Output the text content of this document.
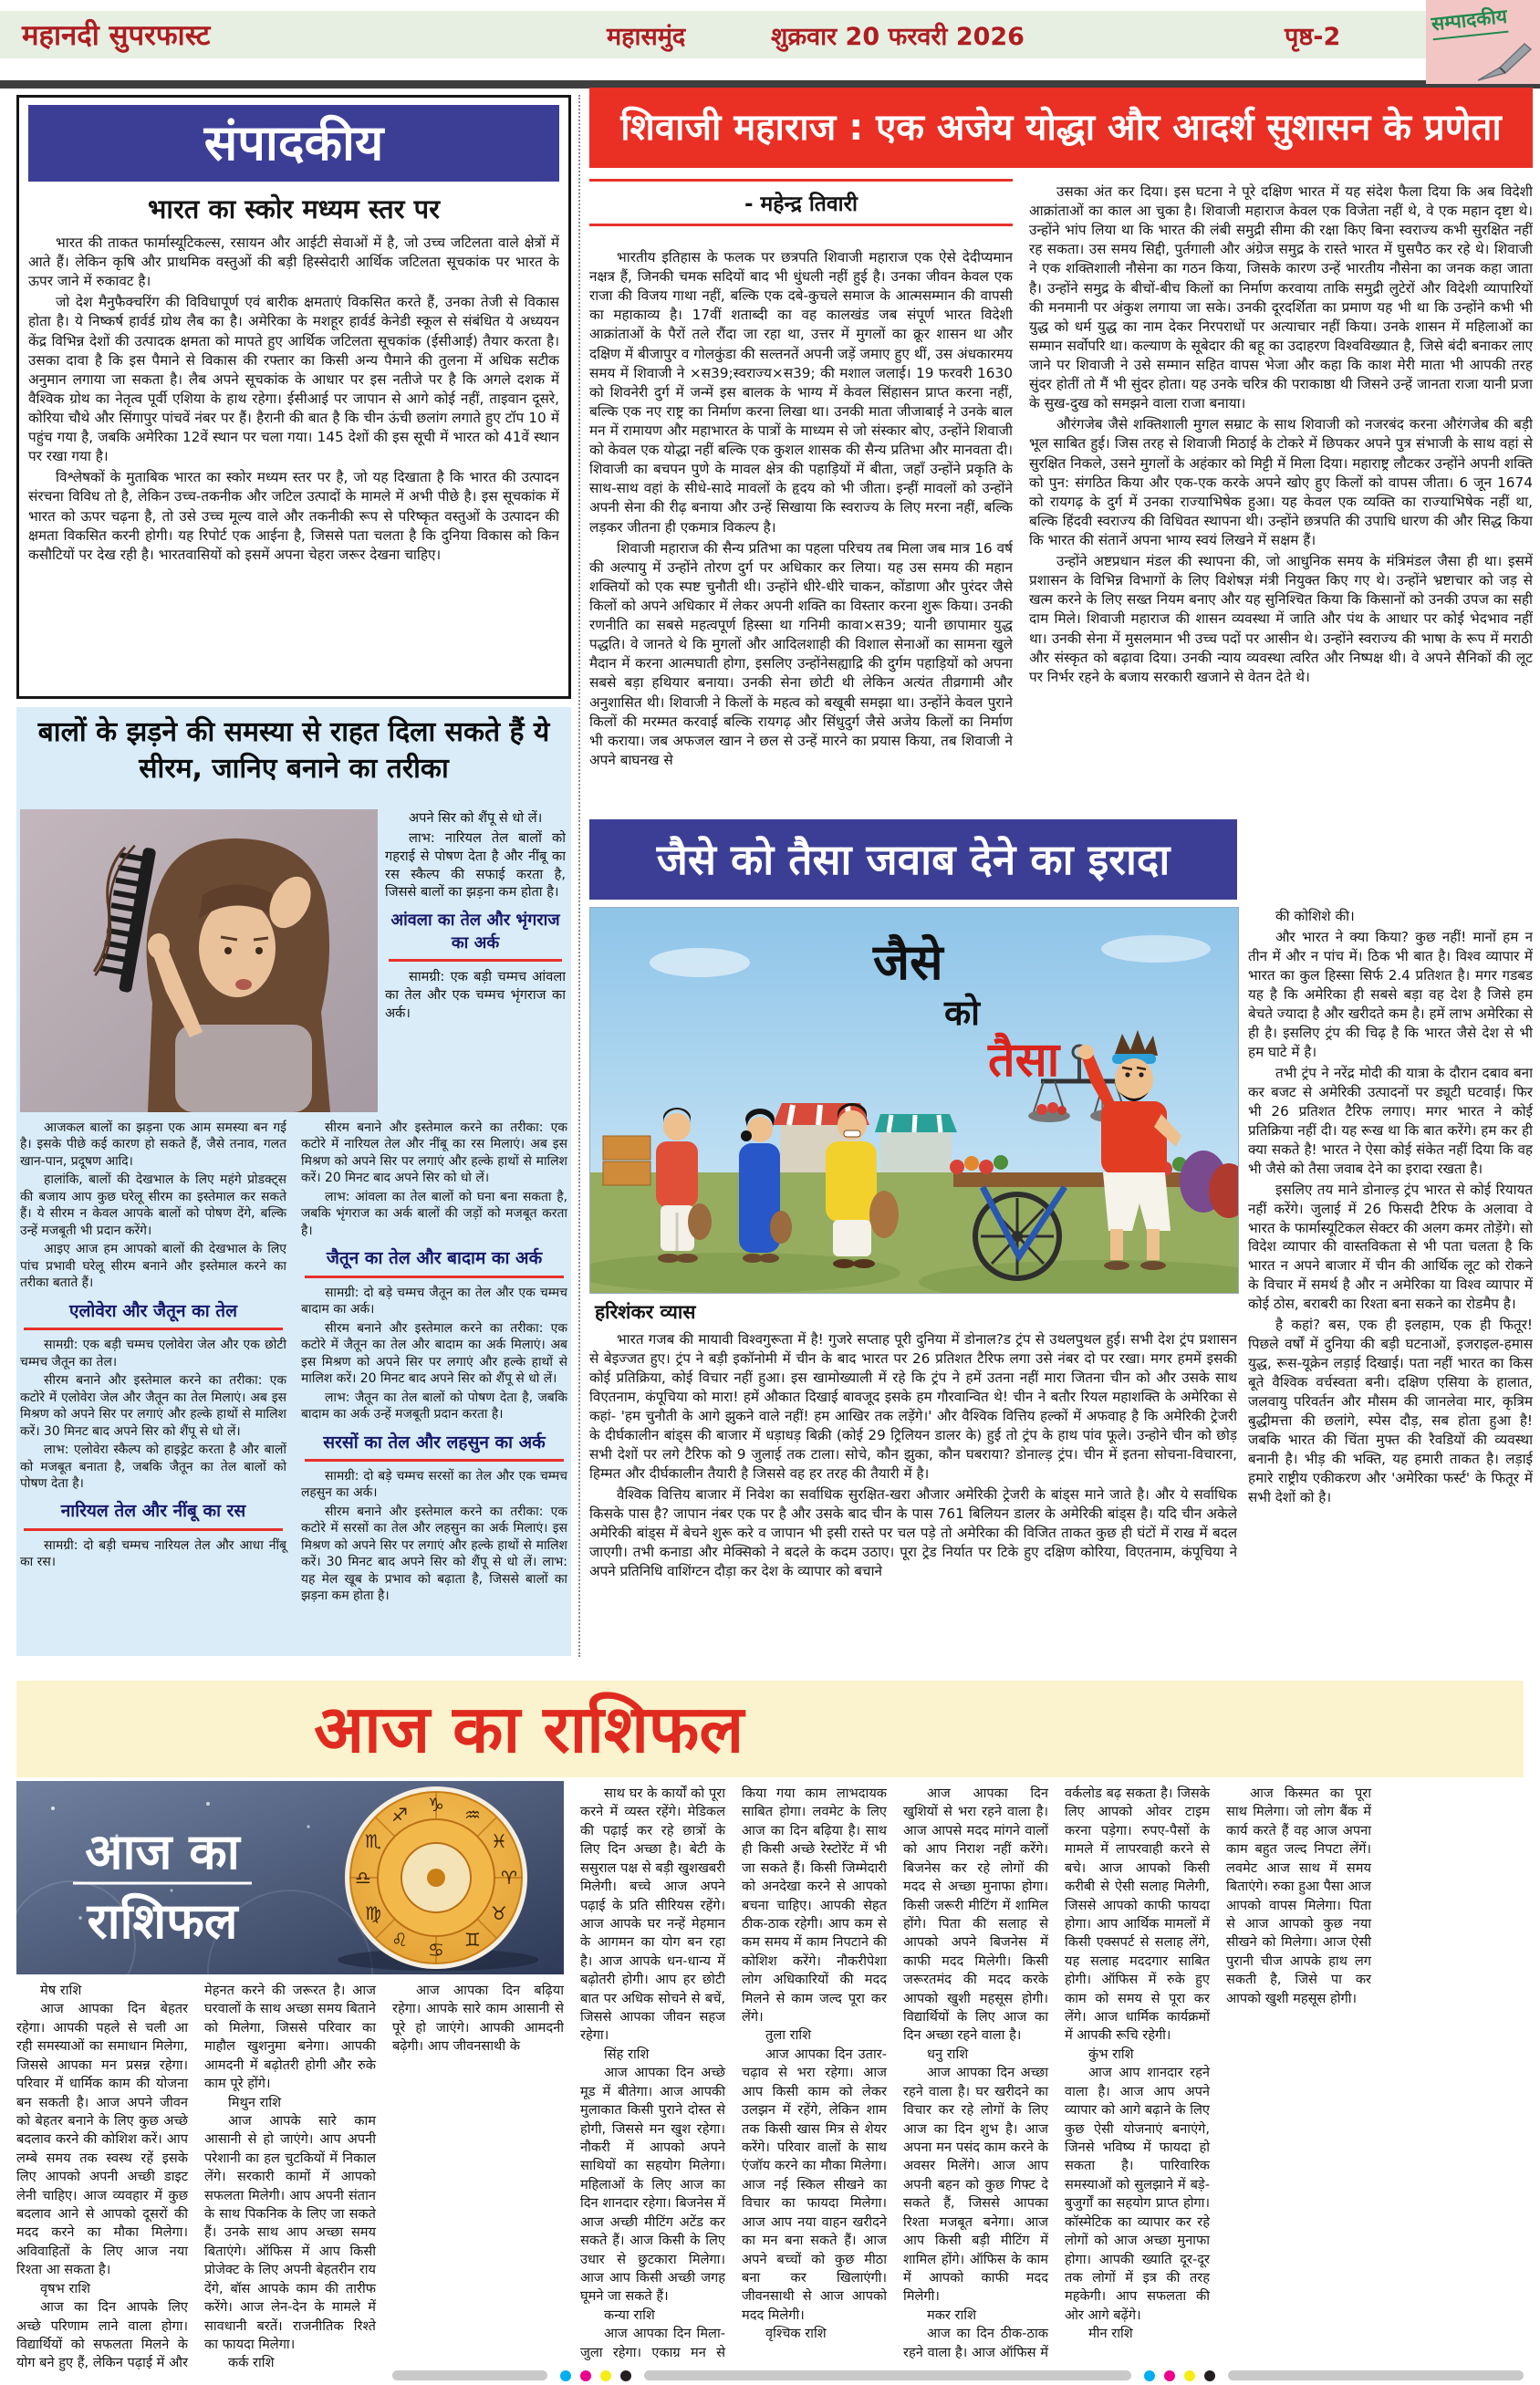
महानदी सुपरफास्ट	महासमुंद	शुक्रवार 20 फरवरी 2026	पृष्ठ-2
सम्पादकीय
संपादकीय
भारत का स्कोर मध्यम स्तर पर

भारत की ताकत फार्मास्यूटिकल्स, रसायन और आईटी सेवाओं में है, जो उच्च जटिलता वाले क्षेत्रों में आते हैं। लेकिन कृषि और प्राथमिक वस्तुओं की बड़ी हिस्सेदारी आर्थिक जटिलता सूचकांक पर भारत के ऊपर जाने में रुकावट है।

जो देश मैनुफैक्चरिंग की विविधापूर्ण एवं बारीक क्षमताएं विकसित करते हैं, उनका तेजी से विकास होता है। ये निष्कर्ष हार्वर्ड ग्रोथ लैब का है। अमेरिका के मशहूर हार्वर्ड केनेडी स्कूल से संबंधित ये अध्ययन केंद्र विभिन्न देशों की उत्पादक क्षमता को मापते हुए आर्थिक जटिलता सूचकांक (ईसीआई) तैयार करता है। उसका दावा है कि इस पैमाने से विकास की रफ्तार का किसी अन्य पैमाने की तुलना में अधिक सटीक अनुमान लगाया जा सकता है। लैब अपने सूचकांक के आधार पर इस नतीजे पर है कि अगले दशक में वैश्विक ग्रोथ का नेतृत्व पूर्वी एशिया के हाथ रहेगा। ईसीआई पर जापान से आगे कोई नहीं, ताइवान दूसरे, कोरिया चौथे और सिंगापुर पांचवें नंबर पर हैं। हैरानी की बात है कि चीन ऊंची छलांग लगाते हुए टॉप 10 में पहुंच गया है, जबकि अमेरिका 12वें स्थान पर चला गया। 145 देशों की इस सूची में भारत को 41वें स्थान पर रखा गया है।

विश्लेषकों के मुताबिक भारत का स्कोर मध्यम स्तर पर है, जो यह दिखाता है कि भारत की उत्पादन संरचना विविध तो है, लेकिन उच्च-तकनीक और जटिल उत्पादों के मामले में अभी पीछे है। इस सूचकांक में भारत को ऊपर चढ़ना है, तो उसे उच्च मूल्य वाले और तकनीकी रूप से परिष्कृत वस्तुओं के उत्पादन की क्षमता विकसित करनी होगी। यह रिपोर्ट एक आईना है, जिससे पता चलता है कि दुनिया विकास को किन कसौटियों पर देख रही है। भारतवासियों को इसमें अपना चेहरा जरूर देखना चाहिए।

शिवाजी महाराज : एक अजेय योद्धा और आदर्श सुशासन के प्रणेता
- महेन्द्र तिवारी

भारतीय इतिहास के फलक पर छत्रपति शिवाजी महाराज एक ऐसे देदीप्यमान नक्षत्र हैं, जिनकी चमक सदियों बाद भी धुंधली नहीं हुई है। उनका जीवन केवल एक राजा की विजय गाथा नहीं, बल्कि एक दबे-कुचले समाज के आत्मसम्मान की वापसी का महाकाव्य है। 17वीं शताब्दी का वह कालखंड जब संपूर्ण भारत विदेशी आक्रांताओं के पैरों तले रौंदा जा रहा था, उत्तर में मुगलों का क्रूर शासन था और दक्षिण में बीजापुर व गोलकुंडा की सल्तनतें अपनी जड़ें जमाए हुए थीं, उस अंधकारमय समय में शिवाजी ने ×स39;स्वराज्य×स39; की मशाल जलाई। 19 फरवरी 1630 को शिवनेरी दुर्ग में जन्में इस बालक के भाग्य में केवल सिंहासन प्राप्त करना नहीं, बल्कि एक नए राष्ट्र का निर्माण करना लिखा था। उनकी माता जीजाबाई ने उनके बाल मन में रामायण और महाभारत के पात्रों के माध्यम से जो संस्कार बोए, उन्होंने शिवाजी को केवल एक योद्धा नहीं बल्कि एक कुशल शासक की सैन्य प्रतिभा और मानवता दी। शिवाजी का बचपन पुणे के मावल क्षेत्र की पहाड़ियों में बीता, जहाँ उन्होंने प्रकृति के साथ-साथ वहां के सीधे-सादे मावलों के हृदय को भी जीता। इन्हीं मावलों को उन्होंने अपनी सेना की रीढ़ बनाया और उन्हें सिखाया कि स्वराज्य के लिए मरना नहीं, बल्कि लड़कर जीतना ही एकमात्र विकल्प है।

शिवाजी महाराज की सैन्य प्रतिभा का पहला परिचय तब मिला जब मात्र 16 वर्ष की अल्पायु में उन्होंने तोरण दुर्ग पर अधिकार कर लिया। यह उस समय की महान शक्तियों को एक स्पष्ट चुनौती थी। उन्होंने धीरे-धीरे चाकन, कोंडाणा और पुरंदर जैसे किलों को अपने अधिकार में लेकर अपनी शक्ति का विस्तार करना शुरू किया। उनकी रणनीति का सबसे महत्वपूर्ण हिस्सा था गनिमी कावा×स39; यानी छापामार युद्ध पद्धति। वे जानते थे कि मुगलों और आदिलशाही की विशाल सेनाओं का सामना खुले मैदान में करना आत्मघाती होगा, इसलिए उन्होंनेसह्याद्रि की दुर्गम पहाड़ियों को अपना सबसे बड़ा हथियार बनाया। उनकी सेना छोटी थी लेकिन अत्यंत तीव्रगामी और अनुशासित थी। शिवाजी ने किलों के महत्व को बखूबी समझा था। उन्होंने केवल पुराने किलों की मरम्मत करवाई बल्कि रायगढ़ और सिंधुदुर्ग जैसे अजेय किलों का निर्माण भी कराया। जब अफजल खान ने छल से उन्हें मारने का प्रयास किया, तब शिवाजी ने अपने बाघनख से

उसका अंत कर दिया। इस घटना ने पूरे दक्षिण भारत में यह संदेश फैला दिया कि अब विदेशी आक्रांताओं का काल आ चुका है। शिवाजी महाराज केवल एक विजेता नहीं थे, वे एक महान दृष्टा थे। उन्होंने भांप लिया था कि भारत की लंबी समुद्री सीमा की रक्षा किए बिना स्वराज्य कभी सुरक्षित नहीं रह सकता। उस समय सिद्दी, पुर्तगाली और अंग्रेज समुद्र के रास्ते भारत में घुसपैठ कर रहे थे। शिवाजी ने एक शक्तिशाली नौसेना का गठन किया, जिसके कारण उन्हें भारतीय नौसेना का जनक कहा जाता है। उन्होंने समुद्र के बीचों-बीच किलों का निर्माण करवाया ताकि समुद्री लुटेरों और विदेशी व्यापारियों की मनमानी पर अंकुश लगाया जा सके। उनकी दूरदर्शिता का प्रमाण यह भी था कि उन्होंने कभी भी युद्ध को धर्म युद्ध का नाम देकर निरपराधों पर अत्याचार नहीं किया। उनके शासन में महिलाओं का सम्मान सर्वोपरि था। कल्याण के सूबेदार की बहू का उदाहरण विश्वविख्यात है, जिसे बंदी बनाकर लाए जाने पर शिवाजी ने उसे सम्मान सहित वापस भेजा और कहा कि काश मेरी माता भी आपकी तरह सुंदर होतीं तो मैं भी सुंदर होता। यह उनके चरित्र की पराकाष्ठा थी जिसने उन्हें जानता राजा यानी प्रजा के सुख-दुख को समझने वाला राजा बनाया।

औरंगजेब जैसे शक्तिशाली मुगल सम्राट के साथ शिवाजी को नजरबंद करना औरंगजेब की बड़ी भूल साबित हुई। जिस तरह से शिवाजी मिठाई के टोकरे में छिपकर अपने पुत्र संभाजी के साथ वहां से सुरक्षित निकले, उसने मुगलों के अहंकार को मिट्टी में मिला दिया। महाराष्ट्र लौटकर उन्होंने अपनी शक्ति को पुन: संगठित किया और एक-एक करके अपने खोए हुए किलों को वापस जीता। 6 जून 1674 को रायगढ़ के दुर्ग में उनका राज्याभिषेक हुआ। यह केवल एक व्यक्ति का राज्याभिषेक नहीं था, बल्कि हिंदवी स्वराज्य की विधिवत स्थापना थी। उन्होंने छत्रपति की उपाधि धारण की और सिद्ध किया कि भारत की संतानें अपना भाग्य स्वयं लिखने में सक्षम हैं।

उन्होंने अष्टप्रधान मंडल की स्थापना की, जो आधुनिक समय के मंत्रिमंडल जैसा ही था। इसमें प्रशासन के विभिन्न विभागों के लिए विशेषज्ञ मंत्री नियुक्त किए गए थे। उन्होंने भ्रष्टाचार को जड़ से खत्म करने के लिए सख्त नियम बनाए और यह सुनिश्चित किया कि किसानों को उनकी उपज का सही दाम मिले। शिवाजी महाराज की शासन व्यवस्था में जाति और पंथ के आधार पर कोई भेदभाव नहीं था। उनकी सेना में मुसलमान भी उच्च पदों पर आसीन थे। उन्होंने स्वराज्य की भाषा के रूप में मराठी और संस्कृत को बढ़ावा दिया। उनकी न्याय व्यवस्था त्वरित और निष्पक्ष थी। वे अपने सैनिकों की लूट पर निर्भर रहने के बजाय सरकारी खजाने से वेतन देते थे।

जैसे को तैसा जवाब देने का इरादा
जैसे
को
तैसा
हरिशंकर व्यास

भारत गजब की मायावी विश्वगुरूता में है! गुजरे सप्ताह पूरी दुनिया में डोनाल?ड ट्रंप से उथलपुथल हुई। सभी देश ट्रंप प्रशासन से बेइज्जत हुए। ट्रंप ने बड़ी इकॉनोमी में चीन के बाद भारत पर 26 प्रतिशत टैरिफ लगा उसे नंबर दो पर रखा। मगर हममें इसकी कोई प्रतिक्रिया, कोई विचार नहीं हुआ। इस खामोख्याली में रहे कि ट्रंप ने हमें उतना नहीं मारा जितना चीन को और उसके साथ विएतनाम, कंपूचिया को मारा! हमें औकात दिखाई बावजूद इसके हम गौरवान्वित थे! चीन ने बतौर रियल महाशक्ति के अमेरिका से कहां- 'हम चुनौती के आगे झुकने वाले नहीं! हम आखिर तक लड़ेंगे।' और वैश्विक वित्तिय हल्कों में अफवाह है कि अमेरिकी ट्रेजरी के दीर्घकालीन बांड्स की बाजार में धड़ाधड़ बिक्री (कोई 29 ट्रिलियन डालर के) हुई तो ट्रंप के हाथ पांव फूले। उन्होने चीन को छोड़ सभी देशों पर लगे टैरिफ को 9 जुलाई तक टाला। सोचे, कौन झुका, कौन घबराया? डोनाल्ड़ ट्रंप। चीन में इतना सोचना-विचारना, हिम्मत और दीर्घकालीन तैयारी है जिससे वह हर तरह की तैयारी में है।

वैश्विक वित्तिय बाजार में निवेश का सर्वाधिक सुरक्षित-खरा औजार अमेरिकी ट्रेजरी के बांड्स माने जाते है। और ये सर्वाधिक किसके पास है? जापान नंबर एक पर है और उसके बाद चीन के पास 761 बिलियन डालर के अमेरिकी बांड्स है। यदि चीन अकेले अमेरिकी बांड्स में बेचने शुरू करे व जापान भी इसी रास्ते पर चल पड़े तो अमेरिका की विजित ताकत कुछ ही घंटों में राख में बदल जाएगी। तभी कनाडा और मेक्सिको ने बदले के कदम उठाए। पूरा ट्रेड निर्यात पर टिके हुए दक्षिण कोरिया, विएतनाम, कंपूचिया ने अपने प्रतिनिधि वाशिंग्टन दौड़ा कर देश के व्यापार को बचाने

की कोशिशे की।

और भारत ने क्या किया? कुछ नहीं! मानों हम न तीन में और न पांच में। ठिक भी बात है। विश्व व्यापार में भारत का कुल हिस्सा सिर्फ 2.4 प्रतिशत है। मगर गडबड यह है कि अमेरिका ही सबसे बड़ा वह देश है जिसे हम बेचते ज्यादा है और खरीदते कम है। हमें लाभ अमेरिका से ही है। इसलिए ट्रंप की चिढ़ है कि भारत जैसे देश से भी हम घाटे में है।

तभी ट्रंप ने नरेंद्र मोदी की यात्रा के दौरान दबाव बना कर बजट से अमेरिकी उत्पादनों पर ड्यूटी घटवाई। फिर भी 26 प्रतिशत टैरिफ लगाए। मगर भारत ने कोई प्रतिक्रिया नहीं दी। यह रूख था कि बात करेंगे। हम कर ही क्या सकते है! भारत ने ऐसा कोई संकेत नहीं दिया कि वह भी जैसे को तैसा जवाब देने का इरादा रखता है।

इसलिए तय माने डोनाल्ड़ ट्रंप भारत से कोई रियायत नहीं करेंगे। जुलाई में 26 फिसदी टैरिफ के अलावा वे भारत के फार्मास्यूटिकल सेक्टर की अलग कमर तोड़ेंगे। सो विदेश व्यापार की वास्तविकता से भी पता चलता है कि भारत न अपने बाजार में चीन की आर्थिक लूट को रोकने के विचार में समर्थ है और न अमेरिका या विश्व व्यापार में कोई ठोस, बराबरी का रिश्ता बना सकने का रोडमैप है।

है कहां? बस, एक ही इलहाम, एक ही फितूर! पिछले वर्षों में दुनिया की बड़ी घटनाओं, इजराइल-हमास युद्ध, रूस-यूक्रेन लड़ाई दिखाई। पता नहीं भारत का किस बूते वैश्विक वर्चस्वता बनी। दक्षिण एसिया के हालात, जलवायु परिवर्तन और मौसम की जानलेवा मार, कृत्रिम बुद्धीमत्ता की छलांगे, स्पेस दौड़, सब होता हुआ है! जबकि भारत की चिंता मुफ्त की रैवडियों की व्यवस्था बनानी है। भीड़ की भक्ति, यह हमारी ताकत है। लड़ाई हमारे राष्ट्रीय एकीकरण और 'अमेरिका फर्स्ट' के फितूर में सभी देशों को है।

बालों के झड़ने की समस्या से राहत दिला सकते हैं ये सीरम, जानिए बनाने का तरीका
अपने सिर को शैंपू से धो लें।
लाभ: नारियल तेल बालों को गहराई से पोषण देता है और नींबू का रस स्कैल्प की सफाई करता है, जिससे बालों का झड़ना कम होता है।
आंवला का तेल और भृंगराज का अर्क
सामग्री: एक बड़ी चम्मच आंवला का तेल और एक चम्मच भृंगराज का अर्क।
आजकल बालों का झड़ना एक आम समस्या बन गई है। इसके पीछे कई कारण हो सकते हैं, जैसे तनाव, गलत खान-पान, प्रदूषण आदि।
हालांकि, बालों की देखभाल के लिए महंगे प्रोडक्ट्स की बजाय आप कुछ घरेलू सीरम का इस्तेमाल कर सकते हैं। ये सीरम न केवल आपके बालों को पोषण देंगे, बल्कि उन्हें मजबूती भी प्रदान करेंगे।
आइए आज हम आपको बालों की देखभाल के लिए पांच प्रभावी घरेलू सीरम बनाने और इस्तेमाल करने का तरीका बताते हैं।
एलोवेरा और जैतून का तेल
सामग्री: एक बड़ी चम्मच एलोवेरा जेल और एक छोटी चम्मच जैतून का तेल।
सीरम बनाने और इस्तेमाल करने का तरीका: एक कटोरे में एलोवेरा जेल और जैतून का तेल मिलाएं। अब इस मिश्रण को अपने सिर पर लगाएं और हल्के हाथों से मालिश करें। 30 मिनट बाद अपने सिर को शैंपू से धो लें।
लाभ: एलोवेरा स्कैल्प को हाइड्रेट करता है और बालों को मजबूत बनाता है, जबकि जैतून का तेल बालों को पोषण देता है।
नारियल तेल और नींबू का रस
सामग्री: दो बड़ी चम्मच नारियल तेल और आधा नींबू का रस।
सीरम बनाने और इस्तेमाल करने का तरीका: एक कटोरे में नारियल तेल और नींबू का रस मिलाएं। अब इस मिश्रण को अपने सिर पर लगाएं और हल्के हाथों से मालिश करें। 20 मिनट बाद अपने सिर को धो लें।
लाभ: आंवला का तेल बालों को घना बना सकता है, जबकि भृंगराज का अर्क बालों की जड़ों को मजबूत करता है।
जैतून का तेल और बादाम का अर्क
सामग्री: दो बड़े चम्मच जैतून का तेल और एक चम्मच बादाम का अर्क।
सीरम बनाने और इस्तेमाल करने का तरीका: एक कटोरे में जैतून का तेल और बादाम का अर्क मिलाएं। अब इस मिश्रण को अपने सिर पर लगाएं और हल्के हाथों से मालिश करें। 20 मिनट बाद अपने सिर को शैंपू से धो लें।
लाभ: जैतून का तेल बालों को पोषण देता है, जबकि बादाम का अर्क उन्हें मजबूती प्रदान करता है।
सरसों का तेल और लहसुन का अर्क
सामग्री: दो बड़े चम्मच सरसों का तेल और एक चम्मच लहसुन का अर्क।
सीरम बनाने और इस्तेमाल करने का तरीका: एक कटोरे में सरसों का तेल और लहसुन का अर्क मिलाएं। इस मिश्रण को अपने सिर पर लगाएं और हल्के हाथों से मालिश करें। 30 मिनट बाद अपने सिर को शैंपू से धो लें। लाभ: यह मेल खूब के प्रभाव को बढ़ाता है, जिससे बालों का झड़ना कम होता है।
आज का राशिफल
आज का
राशिफल
♈
♉
♊
♋
♌
♍
♎
♏
♐ ♑ ♒
♓
मेष राशि
आज आपका दिन बेहतर रहेगा। आपकी पहले से चली आ रही समस्याओं का समाधान मिलेगा, जिससे आपका मन प्रसन्न रहेगा। परिवार में धार्मिक काम की योजना बन सकती है। आज अपने जीवन को बेहतर बनाने के लिए कुछ अच्छे बदलाव करने की कोशिश करें। आप लम्बे समय तक स्वस्थ रहें इसके लिए आपको अपनी अच्छी डाइट लेनी चाहिए। आज व्यवहार में कुछ बदलाव आने से आपको दूसरों की मदद करने का मौका मिलेगा। अविवाहितों के लिए आज नया रिश्ता आ सकता है।
वृषभ राशि
आज का दिन आपके लिए अच्छे परिणाम लाने वाला होगा। विद्यार्थियों को सफलता मिलने के योग बने हुए हैं, लेकिन पढ़ाई में और मेहनत करने की जरूरत है। आज घरवालों के साथ अच्छा समय बिताने को मिलेगा, जिससे परिवार का माहौल खुशनुमा बनेगा। आपकी आमदनी में बढ़ोतरी होगी और रुके काम पूरे होंगे।
मिथुन राशि
आज आपके सारे काम आसानी से हो जाएंगे। आप अपनी परेशानी का हल चुटकियों में निकाल लेंगे। सरकारी कामों में आपको सफलता मिलेगी। आप अपनी संतान के साथ पिकनिक के लिए जा सकते हैं। उनके साथ आप अच्छा समय बिताएंगे। ऑफिस में आप किसी प्रोजेक्ट के लिए अपनी बेहतरीन राय देंगे, बॉस आपके काम की तारीफ करेंगे। आज लेन-देन के मामले में सावधानी बरतें। राजनीतिक रिश्ते का फायदा मिलेगा।
कर्क राशि
आज आपका दिन बढ़िया रहेगा। आपके सारे काम आसानी से पूरे हो जाएंगे। आपकी आमदनी बढ़ेगी। आप जीवनसाथी के
साथ घर के कार्यों को पूरा करने में व्यस्त रहेंगे। मेडिकल की पढ़ाई कर रहे छात्रों के लिए दिन अच्छा है। बेटी के ससुराल पक्ष से बड़ी खुशखबरी मिलेगी। बच्चे आज अपने पढ़ाई के प्रति सीरियस रहेंगे। आज आपके घर नन्हें मेहमान के आगमन का योग बन रहा है। आज आपके धन-धान्य में बढ़ोतरी होगी। आप हर छोटी बात पर अधिक सोचने से बचें, जिससे आपका जीवन सहज रहेगा।
सिंह राशि
आज आपका दिन अच्छे मूड में बीतेगा। आज आपकी मुलाकात किसी पुराने दोस्त से होगी, जिससे मन खुश रहेगा। नौकरी में आपको अपने साथियों का सहयोग मिलेगा। महिलाओं के लिए आज का दिन शानदार रहेगा। बिजनेस में आज अच्छी मीटिंग अटेंड कर सकते हैं। आज किसी के लिए उधार से छुटकारा मिलेगा। आज आप किसी अच्छी जगह घूमने जा सकते हैं।
कन्या राशि
आज आपका दिन मिला-जुला रहेगा। एकाग्र मन से किया गया काम लाभदायक साबित होगा। लवमेट के लिए आज का दिन बढ़िया है। साथ ही किसी अच्छे रेस्टोरेंट में भी जा सकते हैं। किसी जिम्मेदारी को अनदेखा करने से आपको बचना चाहिए। आपकी सेहत ठीक-ठाक रहेगी। आप कम से कम समय में काम निपटाने की कोशिश करेंगे। नौकरीपेशा लोग अधिकारियों की मदद मिलने से काम जल्द पूरा कर लेंगे।
तुला राशि
आज आपका दिन उतार-चढ़ाव से भरा रहेगा। आज आप किसी काम को लेकर उलझन में रहेंगे, लेकिन शाम तक किसी खास मित्र से शेयर करेंगे। परिवार वालों के साथ एंजॉय करने का मौका मिलेगा। आज नई स्किल सीखने का विचार का फायदा मिलेगा। आज आप नया वाहन खरीदने का मन बना सकते हैं। आज अपने बच्चों को कुछ मीठा बना कर खिलाएंगी। जीवनसाथी से आज आपको मदद मिलेगी।
वृश्चिक राशि
आज आपका दिन खुशियों से भरा रहने वाला है। आज आपसे मदद मांगने वालों को आप निराश नहीं करेंगे। बिजनेस कर रहे लोगों की मदद से अच्छा मुनाफा होगा। किसी जरूरी मीटिंग में शामिल होंगे। पिता की सलाह से आपको अपने बिजनेस में काफी मदद मिलेगी। किसी जरूरतमंद की मदद करके आपको खुशी महसूस होगी। विद्यार्थियों के लिए आज का दिन अच्छा रहने वाला है।
धनु राशि
आज आपका दिन अच्छा रहने वाला है। घर खरीदने का विचार कर रहे लोगों के लिए आज का दिन शुभ है। आज अपना मन पसंद काम करने के अवसर मिलेंगे। आज आप अपनी बहन को कुछ गिफ्ट दे सकते हैं, जिससे आपका रिश्ता मजबूत बनेगा। आज आप किसी बड़ी मीटिंग में शामिल होंगे। ऑफिस के काम में आपको काफी मदद मिलेगी।
मकर राशि
आज का दिन ठीक-ठाक रहने वाला है। आज ऑफिस में वर्कलोड बढ़ सकता है। जिसके लिए आपको ओवर टाइम करना पड़ेगा। रुपए-पैसों के मामले में लापरवाही करने से बचे। आज आपको किसी करीबी से ऐसी सलाह मिलेगी, जिससे आपको काफी फायदा होगा। आप आर्थिक मामलों में किसी एक्सपर्ट से सलाह लेंगे, यह सलाह मददगार साबित होगी। ऑफिस में रुके हुए काम को समय से पूरा कर लेंगे। आज धार्मिक कार्यक्रमों में आपकी रूचि रहेगी।
कुंभ राशि
आज आप शानदार रहने वाला है। आज आप अपने व्यापार को आगे बढ़ाने के लिए कुछ ऐसी योजनाएं बनाएंगे, जिनसे भविष्य में फायदा हो सकता है। पारिवारिक समस्याओं को सुलझाने में बड़े-बुजुर्गों का सहयोग प्राप्त होगा। कॉस्मेटिक का व्यापार कर रहे लोगों को आज अच्छा मुनाफा होगा। आपकी ख्याति दूर-दूर तक लोगों में इत्र की तरह महकेगी। आप सफलता की ओर आगे बढ़ेंगे।
मीन राशि
आज किस्मत का पूरा साथ मिलेगा। जो लोग बैंक में कार्य करते हैं वह आज अपना काम बहुत जल्द निपटा लेंगें। लवमेट आज साथ में समय बिताएंगे। रुका हुआ पैसा आज आपको वापस मिलेगा। पिता से आज आपको कुछ नया सीखने को मिलेगा। आज ऐसी पुरानी चीज आपके हाथ लग सकती है, जिसे पा कर आपको खुशी महसूस होगी।
